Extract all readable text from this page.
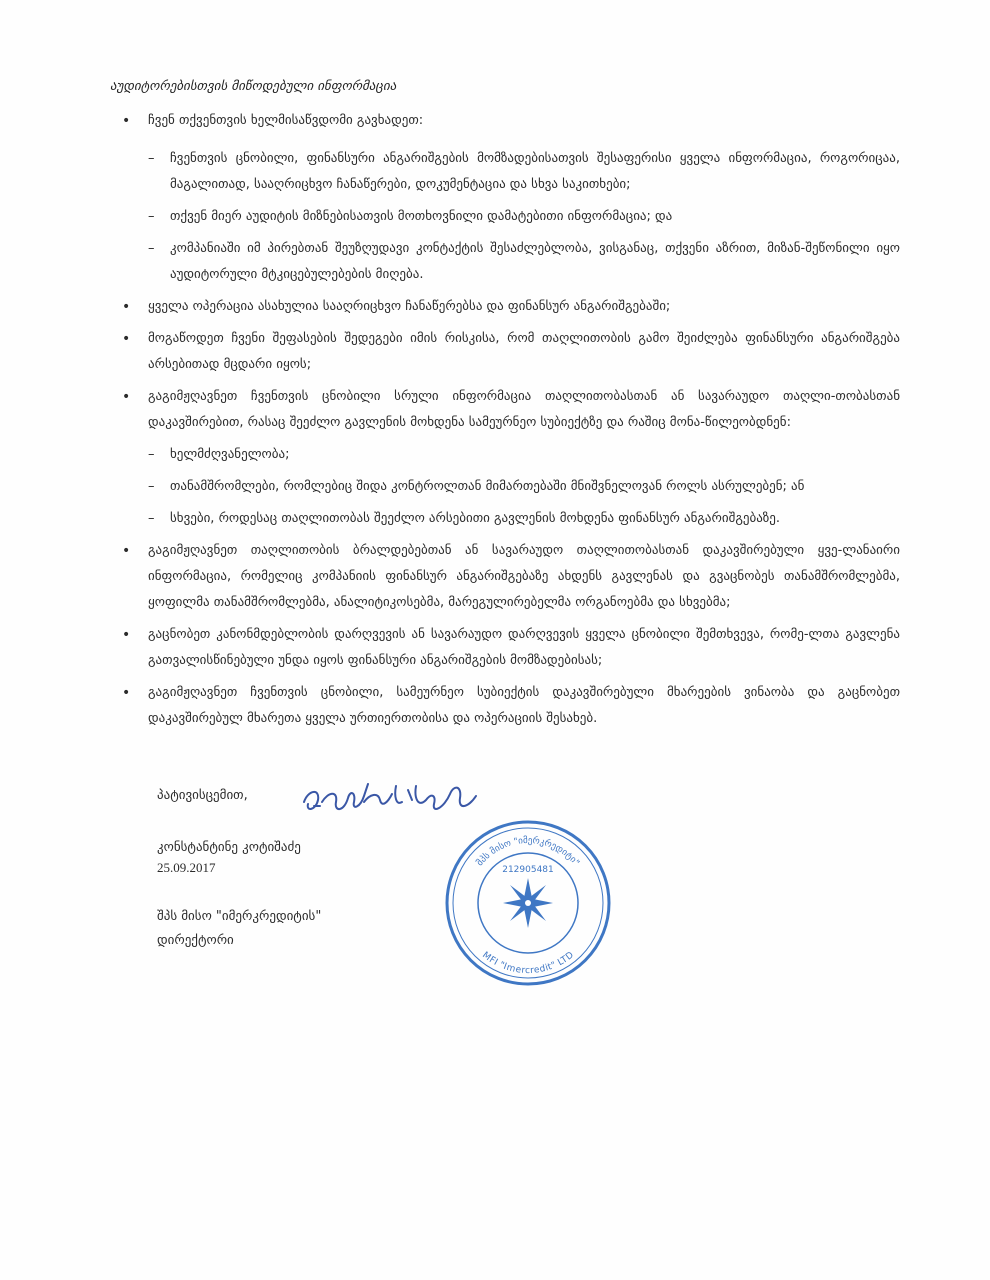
აუდიტორებისთვის მიწოდებული ინფორმაცია
• ჩვენ თქვენთვის ხელმისაწვდომი გავხადეთ:
– ჩვენთვის ცნობილი, ფინანსური ანგარიშგების მომზადებისათვის შესაფერისი ყველა ინფორმაცია, როგორიცაა, მაგალითად, სააღრიცხვო ჩანაწერები, დოკუმენტაცია და სხვა საკითხები;
– თქვენ მიერ აუდიტის მიზნებისათვის მოთხოვნილი დამატებითი ინფორმაცია; და
– კომპანიაში იმ პირებთან შეუზღუდავი კონტაქტის შესაძლებლობა, ვისგანაც, თქვენი აზრით, მიზან-შეწონილი იყო აუდიტორული მტკიცებულებების მიღება.
• ყველა ოპერაცია ასახულია სააღრიცხვო ჩანაწერებსა და ფინანსურ ანგარიშგებაში;
• მოგაწოდეთ ჩვენი შეფასების შედეგები იმის რისკისა, რომ თაღლითობის გამო შეიძლება ფინანსური ანგარიშგება არსებითად მცდარი იყოს;
• გაგიმჟღავნეთ ჩვენთვის ცნობილი სრული ინფორმაცია თაღლითობასთან ან სავარაუდო თაღლი-თობასთან დაკავშირებით, რასაც შეეძლო გავლენის მოხდენა სამეურნეო სუბიექტზე და რაშიც მონა-წილეობდნენ:
– ხელმძღვანელობა;
– თანამშრომლები, რომლებიც შიდა კონტროლთან მიმართებაში მნიშვნელოვან როლს ასრულებენ; ან
– სხვები, როდესაც თაღლითობას შეეძლო არსებითი გავლენის მოხდენა ფინანსურ ანგარიშგებაზე.
• გაგიმჟღავნეთ თაღლითობის ბრალდებებთან ან სავარაუდო თაღლითობასთან დაკავშირებული ყვე-ლანაირი ინფორმაცია, რომელიც კომპანიის ფინანსურ ანგარიშგებაზე ახდენს გავლენას და გვაცნობეს თანამშრომლებმა, ყოფილმა თანამშრომლებმა, ანალიტიკოსებმა, მარეგულირებელმა ორგანოებმა და სხვებმა;
• გაცნობეთ კანონმდებლობის დარღვევის ან სავარაუდო დარღვევის ყველა ცნობილი შემთხვევა, რომე-ლთა გავლენა გათვალისწინებული უნდა იყოს ფინანსური ანგარიშგების მომზადებისას;
• გაგიმჟღავნეთ ჩვენთვის ცნობილი, სამეურნეო სუბიექტის დაკავშირებული მხარეების ვინაობა და გაცნობეთ დაკავშირებულ მხარეთა ყველა ურთიერთობისა და ოპერაციის შესახებ.
პატივისცემით,
კონსტანტინე კოტიშაძე
25.09.2017
შპს მისო "იმერკრედიტის"
დირექტორი
შპს მისო "იმერკრედიტი"
MFI "Imercredit" LTD
212905481
